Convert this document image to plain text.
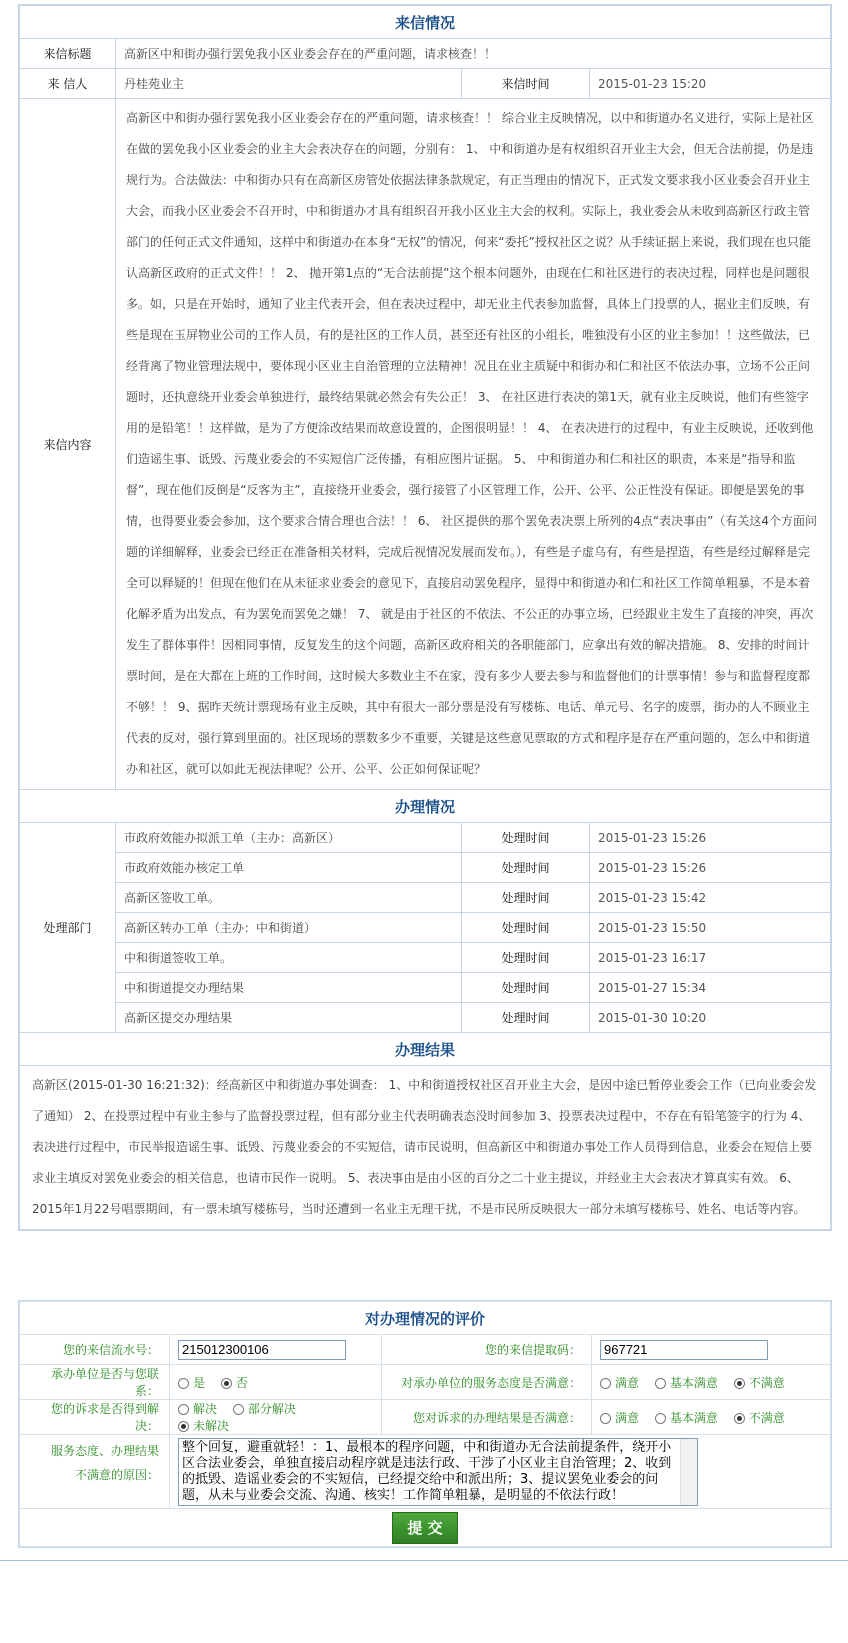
来信情况			
来信标题	高新区中和街办强行罢免我小区业委会存在的严重问题，请求核查！！		
来 信人	丹桂苑业主	来信时间	2015-01-23 15:20
来信内容	高新区中和街办强行罢免我小区业委会存在的严重问题，请求核查！！ 综合业主反映情况，以中和街道办名义进行，实际上是社区在做的罢免我小区业委会的业主大会表决存在的问题，分别有： 1、 中和街道办是有权组织召开业主大会，但无合法前提，仍是违规行为。合法做法：中和街办只有在高新区房管处依据法律条款规定，有正当理由的情况下，正式发文要求我小区业委会召开业主大会，而我小区业委会不召开时，中和街道办才具有组织召开我小区业主大会的权利。实际上，我业委会从未收到高新区行政主管部门的任何正式文件通知，这样中和街道办在本身“无权”的情况，何来“委托”授权社区之说？从手续证据上来说，我们现在也只能认高新区政府的正式文件！！ 2、 抛开第1点的“无合法前提”这个根本问题外，由现在仁和社区进行的表决过程，同样也是问题很多。如，只是在开始时，通知了业主代表开会，但在表决过程中，却无业主代表参加监督，具体上门投票的人，据业主们反映，有些是现在玉屏物业公司的工作人员，有的是社区的工作人员，甚至还有社区的小组长，唯独没有小区的业主参加！！这些做法，已经背离了物业管理法规中，要体现小区业主自治管理的立法精神！况且在业主质疑中和街办和仁和社区不依法办事，立场不公正问题时，还执意绕开业委会单独进行，最终结果就必然会有失公正！ 3、 在社区进行表决的第1天，就有业主反映说，他们有些签字用的是铅笔！！这样做，是为了方便涂改结果而故意设置的，企图很明显！！ 4、 在表决进行的过程中，有业主反映说，还收到他们造谣生事、诋毁、污蔑业委会的不实短信广泛传播，有相应图片证据。 5、 中和街道办和仁和社区的职责，本来是“指导和监督”，现在他们反倒是“反客为主”，直接绕开业委会，强行接管了小区管理工作，公开、公平、公正性没有保证。即便是罢免的事情，也得要业委会参加，这个要求合情合理也合法！！ 6、 社区提供的那个罢免表决票上所列的4点“表决事由”（有关这4个方面问题的详细解释，业委会已经正在准备相关材料，完成后视情况发展而发布。），有些是子虚乌有，有些是捏造，有些是经过解释是完全可以释疑的！但现在他们在从未征求业委会的意见下，直接启动罢免程序，显得中和街道办和仁和社区工作简单粗暴，不是本着化解矛盾为出发点，有为罢免而罢免之嫌！ 7、 就是由于社区的不依法、不公正的办事立场，已经跟业主发生了直接的冲突，再次发生了群体事件！因相同事情，反复发生的这个问题，高新区政府相关的各职能部门，应拿出有效的解决措施。 8、安排的时间计票时间，是在大都在上班的工作时间，这时候大多数业主不在家，没有多少人要去参与和监督他们的计票事情！参与和监督程度都不够！！ 9、据昨天统计票现场有业主反映，其中有很大一部分票是没有写楼栋、电话、单元号、名字的废票，街办的人不顾业主代表的反对，强行算到里面的。社区现场的票数多少不重要，关键是这些意见票取的方式和程序是存在严重问题的，怎么中和街道办和社区，就可以如此无视法律呢？公开、公平、公正如何保证呢？		
办理情况			
处理部门	市政府效能办拟派工单（主办：高新区）	处理时间	2015-01-23 15:26
	市政府效能办核定工单	处理时间	2015-01-23 15:26
	高新区签收工单。	处理时间	2015-01-23 15:42
	高新区转办工单（主办：中和街道）	处理时间	2015-01-23 15:50
	中和街道签收工单。	处理时间	2015-01-23 16:17
	中和街道提交办理结果	处理时间	2015-01-27 15:34
	高新区提交办理结果	处理时间	2015-01-30 10:20
办理结果			
高新区(2015-01-30 16:21:32)：经高新区中和街道办事处调查： 1、中和街道授权社区召开业主大会，是因中途已暂停业委会工作（已向业委会发了通知） 2、在投票过程中有业主参与了监督投票过程，但有部分业主代表明确表态没时间参加 3、投票表决过程中，不存在有铅笔签字的行为 4、表决进行过程中，市民举报造谣生事、诋毁、污蔑业委会的不实短信，请市民说明，但高新区中和街道办事处工作人员得到信息，业委会在短信上要求业主填反对罢免业委会的相关信息，也请市民作一说明。 5、表决事由是由小区的百分之二十业主提议，并经业主大会表决才算真实有效。 6、2015年1月22号唱票期间，有一票未填写楼栋号，当时还遭到一名业主无理干扰，不是市民所反映很大一部分未填写楼栋号、姓名、电话等内容。			
对办理情况的评价			
您的来信流水号：	215012300106	您的来信提取码：	967721
承办单位是否与您联系：	是 否	对承办单位的服务态度是否满意：	满意 基本满意 不满意
您的诉求是否得到解决：	解决 部分解决 未解决	您对诉求的办理结果是否满意：	满意 基本满意 不满意

服务态度、办理结果
不满意的原因：	整个回复，避重就轻！：1、最根本的程序问题，中和街道办无合法前提条件，绕开小区合法业委会，单独直接启动程序就是违法行政、干涉了小区业主自治管理；2、收到的抵毁、造谣业委会的不实短信，已经提交给中和派出所；3、提议罢免业委会的问题，从未与业委会交流、沟通、核实！工作简单粗暴，是明显的不依法行政！		

提 交			
